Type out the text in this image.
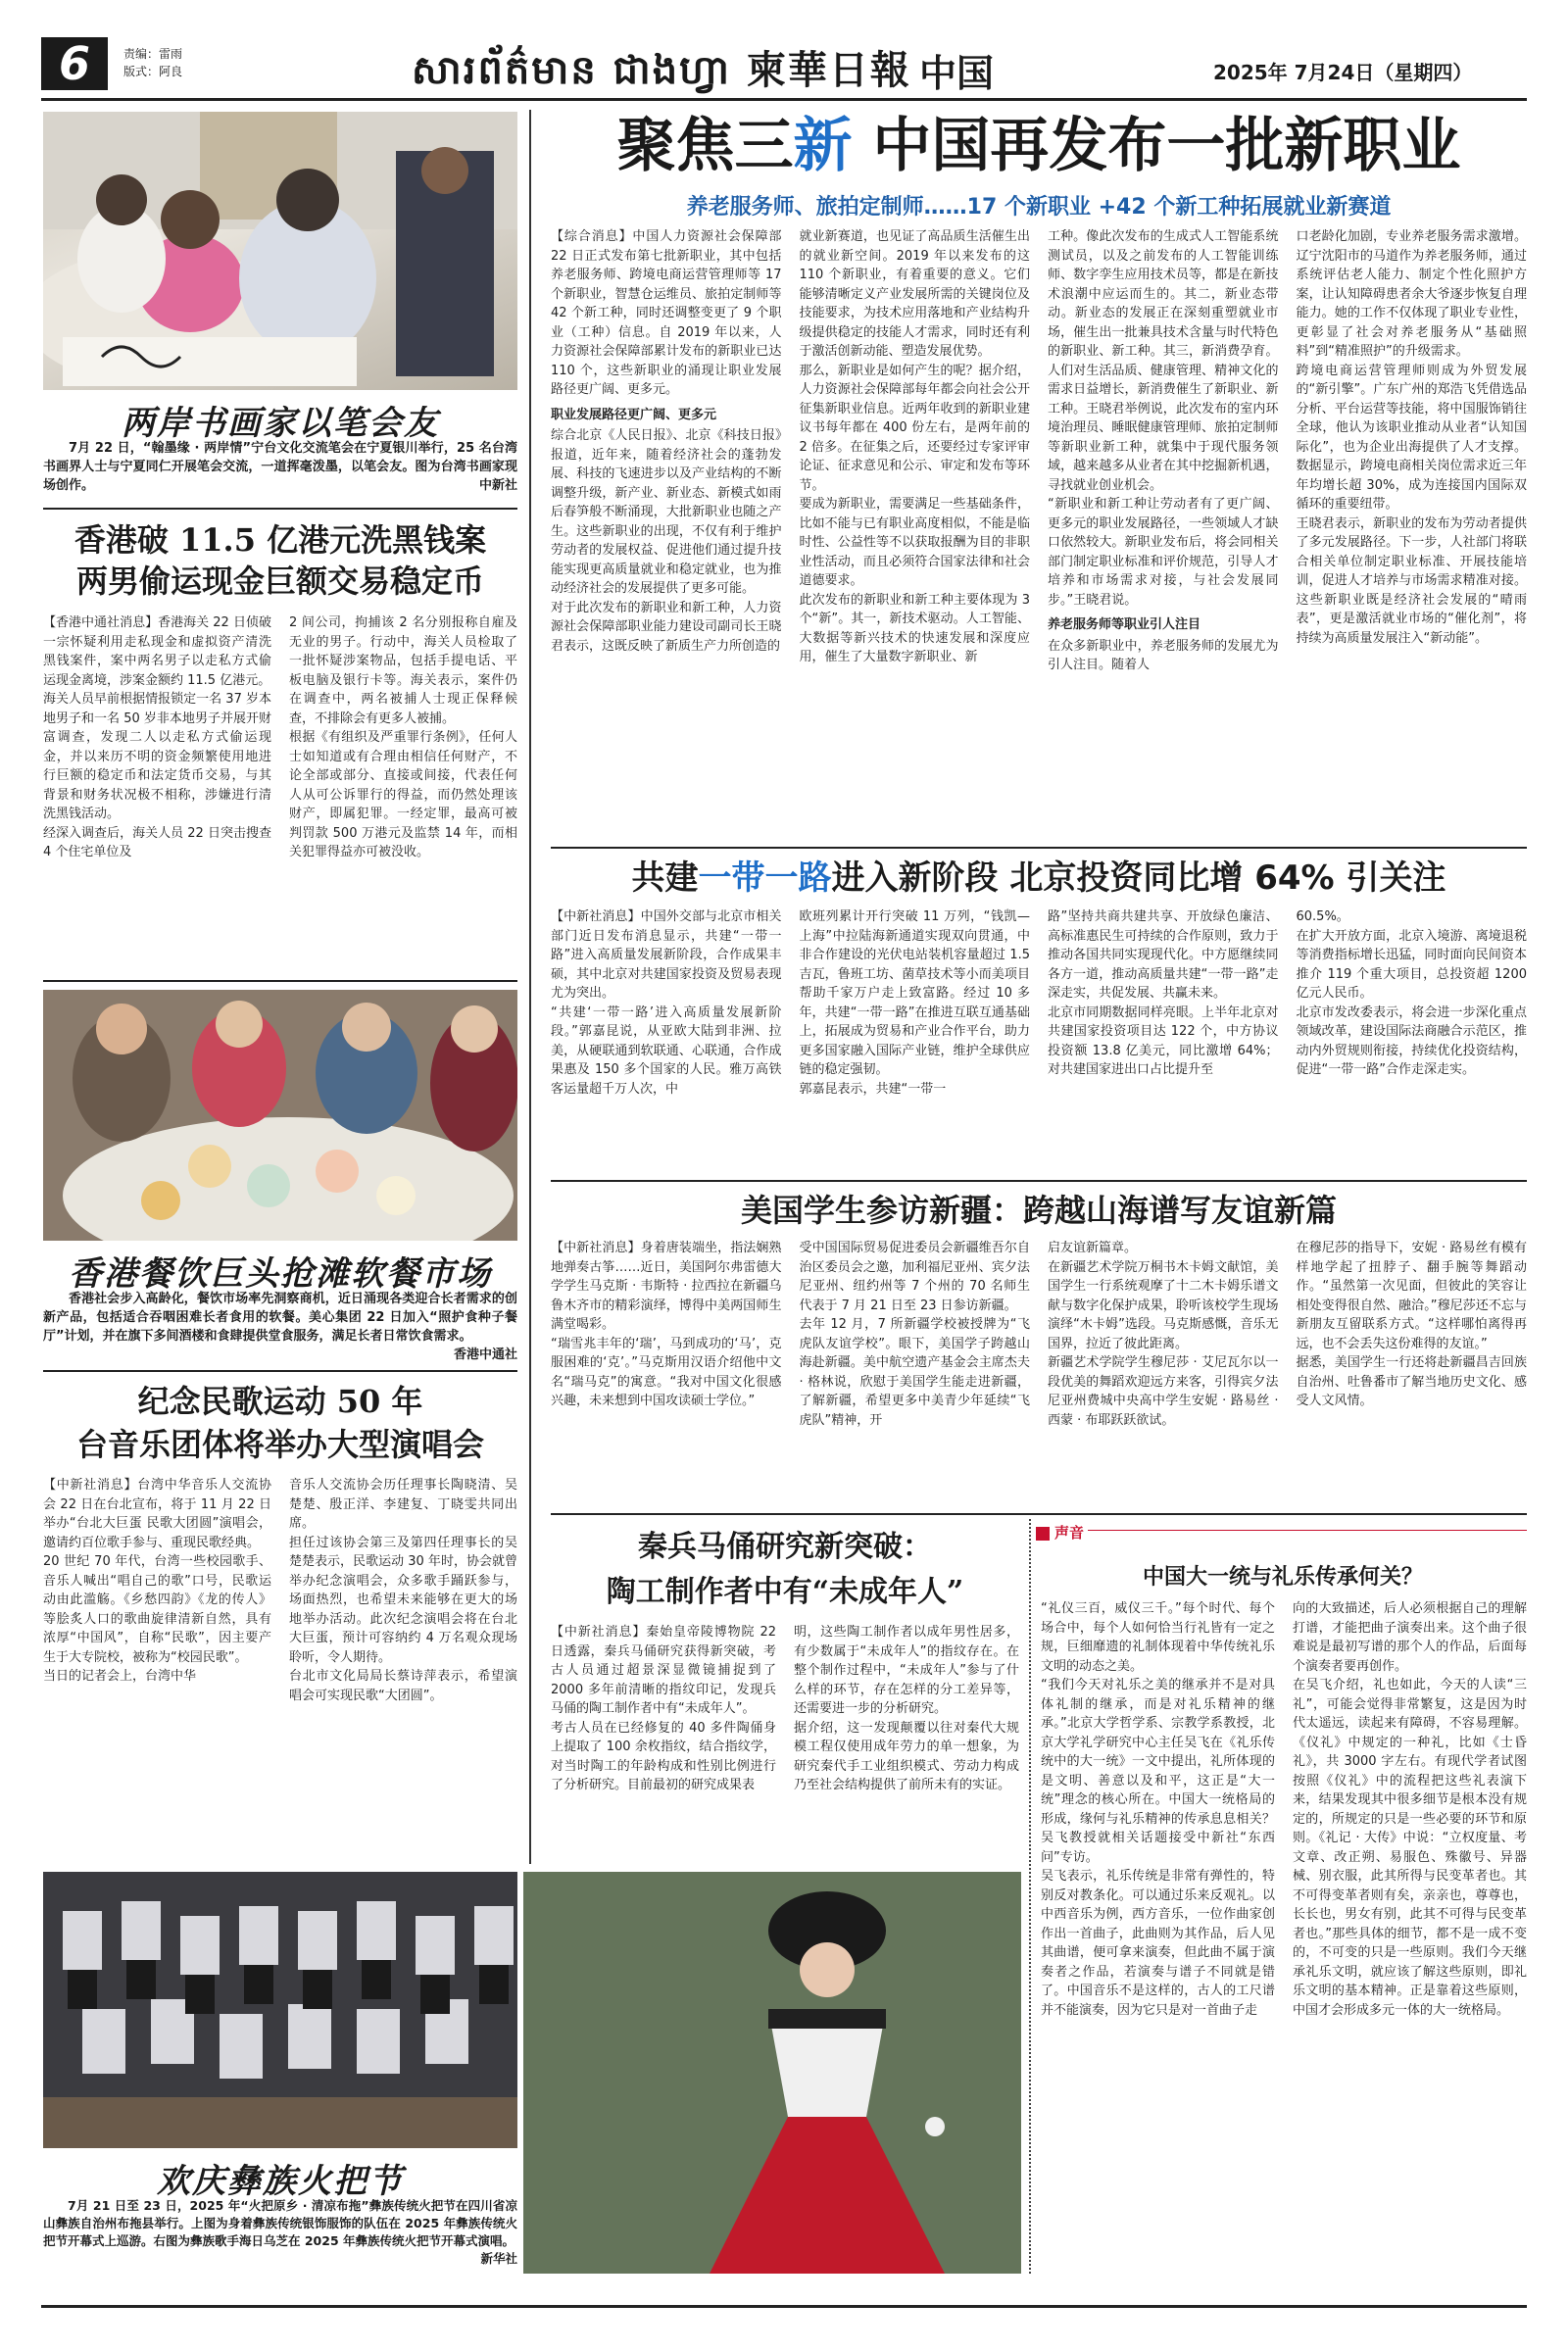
6	责编：雷雨
版式：阿良	សារព័ត៌មាន ជាងហ្វា 柬華日報 中国	2025年 7月24日（星期四）
两岸书画家以笔会友
7月 22 日，“翰墨缘 · 两岸情”宁台文化交流笔会在宁夏银川举行，25 名台湾书画界人士与宁夏同仁开展笔会交流，一道挥毫泼墨，以笔会友。图为台湾书画家现场创作。	中新社
香港破 11.5 亿港元洗黑钱案
两男偷运现金巨额交易稳定币
【香港中通社消息】香港海关 22 日侦破一宗怀疑利用走私现金和虚拟资产清洗黑钱案件，案中两名男子以走私方式偷运现金离境，涉案金额约 11.5 亿港元。
海关人员早前根据情报锁定一名 37 岁本地男子和一名 50 岁非本地男子并展开财富调查，发现二人以走私方式偷运现金，并以来历不明的资金频繁使用地进行巨额的稳定币和法定货币交易，与其背景和财务状况极不相称，涉嫌进行清洗黑钱活动。
经深入调查后，海关人员 22 日突击搜查 4 个住宅单位及
2 间公司，拘捕该 2 名分别报称自雇及无业的男子。行动中，海关人员检取了一批怀疑涉案物品，包括手提电话、平板电脑及银行卡等。海关表示，案件仍在调查中，两名被捕人士现正保释候查，不排除会有更多人被捕。
根据《有组织及严重罪行条例》，任何人士如知道或有合理由相信任何财产，不论全部或部分、直接或间接，代表任何人从可公诉罪行的得益，而仍然处理该财产，即属犯罪。一经定罪，最高可被判罚款 500 万港元及监禁 14 年，而相关犯罪得益亦可被没收。
香港餐饮巨头抢滩软餐市场
香港社会步入高龄化，餐饮市场率先洞察商机，近日涌现各类迎合长者需求的创新产品，包括适合吞咽困难长者食用的软餐。美心集团 22 日加入“照护食种子餐厅”计划，并在旗下多间酒楼和食肆提供堂食服务，满足长者日常饮食需求。
香港中通社
纪念民歌运动 50 年
台音乐团体将举办大型演唱会
【中新社消息】台湾中华音乐人交流协会 22 日在台北宣布，将于 11 月 22 日举办“台北大巨蛋 民歌大团圆”演唱会，邀请约百位歌手参与、重现民歌经典。
20 世纪 70 年代，台湾一些校园歌手、音乐人喊出“唱自己的歌”口号，民歌运动由此滥觞。《乡愁四韵》《龙的传人》等脍炙人口的歌曲旋律清新自然，具有浓厚“中国风”，自称“民歌”，因主要产生于大专院校，被称为“校园民歌”。
当日的记者会上，台湾中华
音乐人交流协会历任理事长陶晓清、吴楚楚、殷正洋、李建复、丁晓雯共同出席。
担任过该协会第三及第四任理事长的吴楚楚表示，民歌运动 30 年时，协会就曾举办纪念演唱会，众多歌手踊跃参与，场面热烈，也希望未来能够在更大的场地举办活动。此次纪念演唱会将在台北大巨蛋，预计可容纳约 4 万名观众现场聆听，令人期待。
台北市文化局局长蔡诗萍表示，希望演唱会可实现民歌“大团圆”。
聚焦三新 中国再发布一批新职业
养老服务师、旅拍定制师……17 个新职业 +42 个新工种拓展就业新赛道
【综合消息】中国人力资源社会保障部 22 日正式发布第七批新职业，其中包括养老服务师、跨境电商运营管理师等 17 个新职业，智慧仓运维员、旅拍定制师等 42 个新工种，同时还调整变更了 9 个职业（工种）信息。自 2019 年以来，人力资源社会保障部累计发布的新职业已达 110 个，这些新职业的涌现让职业发展路径更广阔、更多元。
职业发展路径更广阔、更多元
综合北京《人民日报》、北京《科技日报》报道，近年来，随着经济社会的蓬勃发展、科技的飞速进步以及产业结构的不断调整升级，新产业、新业态、新模式如雨后春笋般不断涌现，大批新职业也随之产生。这些新职业的出现，不仅有利于维护劳动者的发展权益、促进他们通过提升技能实现更高质量就业和稳定就业，也为推动经济社会的发展提供了更多可能。
对于此次发布的新职业和新工种，人力资源社会保障部职业能力建设司副司长王晓君表示，这既反映了新质生产力所创造的
就业新赛道，也见证了高品质生活催生出的就业新空间。2019 年以来发布的这 110 个新职业，有着重要的意义。它们能够清晰定义产业发展所需的关键岗位及技能要求，为技术应用落地和产业结构升级提供稳定的技能人才需求，同时还有利于激活创新动能、塑造发展优势。
那么，新职业是如何产生的呢？据介绍，人力资源社会保障部每年都会向社会公开征集新职业信息。近两年收到的新职业建议书每年都在 400 份左右，是两年前的 2 倍多。在征集之后，还要经过专家评审论证、征求意见和公示、审定和发布等环节。
要成为新职业，需要满足一些基础条件，比如不能与已有职业高度相似，不能是临时性、公益性等不以获取报酬为目的非职业性活动，而且必须符合国家法律和社会道德要求。
此次发布的新职业和新工种主要体现为 3 个“新”。其一，新技术驱动。人工智能、大数据等新兴技术的快速发展和深度应用，催生了大量数字新职业、新
工种。像此次发布的生成式人工智能系统测试员，以及之前发布的人工智能训练师、数字孪生应用技术员等，都是在新技术浪潮中应运而生的。其二，新业态带动。新业态的发展正在深刻重塑就业市场，催生出一批兼具技术含量与时代特色的新职业、新工种。其三，新消费孕育。人们对生活品质、健康管理、精神文化的需求日益增长，新消费催生了新职业、新工种。王晓君举例说，此次发布的室内环境治理员、睡眠健康管理师、旅拍定制师等新职业新工种，就集中于现代服务领域，越来越多从业者在其中挖掘新机遇，寻找就业创业机会。
“新职业和新工种让劳动者有了更广阔、更多元的职业发展路径，一些领域人才缺口依然较大。新职业发布后，将会同相关部门制定职业标准和评价规范，引导人才培养和市场需求对接，与社会发展同步。”王晓君说。
养老服务师等职业引人注目
在众多新职业中，养老服务师的发展尤为引人注目。随着人
口老龄化加剧，专业养老服务需求激增。辽宁沈阳市的马道作为养老服务师，通过系统评估老人能力、制定个性化照护方案，让认知障碍患者余大爷逐步恢复自理能力。她的工作不仅体现了职业专业性，更彰显了社会对养老服务从“基础照料”到“精准照护”的升级需求。
跨境电商运营管理师则成为外贸发展的“新引擎”。广东广州的郑浩飞凭借选品分析、平台运营等技能，将中国服饰销往全球，他认为该职业推动从业者“认知国际化”，也为企业出海提供了人才支撑。数据显示，跨境电商相关岗位需求近三年年均增长超 30%，成为连接国内国际双循环的重要纽带。
王晓君表示，新职业的发布为劳动者提供了多元发展路径。下一步，人社部门将联合相关单位制定职业标准、开展技能培训，促进人才培养与市场需求精准对接。这些新职业既是经济社会发展的“晴雨表”，更是激活就业市场的“催化剂”，将持续为高质量发展注入“新动能”。
共建一带一路进入新阶段 北京投资同比增 64% 引关注
【中新社消息】中国外交部与北京市相关部门近日发布消息显示，共建“一带一路”进入高质量发展新阶段，合作成果丰硕，其中北京对共建国家投资及贸易表现尤为突出。
“共建‘一带一路’进入高质量发展新阶段。”郭嘉昆说，从亚欧大陆到非洲、拉美，从硬联通到软联通、心联通，合作成果惠及 150 多个国家的人民。雅万高铁客运量超千万人次，中
欧班列累计开行突破 11 万列，“钱凯—上海”中拉陆海新通道实现双向贯通，中非合作建设的光伏电站装机容量超过 1.5 吉瓦，鲁班工坊、菌草技术等小而美项目帮助千家万户走上致富路。经过 10 多年，共建“一带一路”在推进互联互通基础上，拓展成为贸易和产业合作平台，助力更多国家融入国际产业链，维护全球供应链的稳定强韧。
郭嘉昆表示，共建“一带一
路”坚持共商共建共享、开放绿色廉洁、高标准惠民生可持续的合作原则，致力于推动各国共同实现现代化。中方愿继续同各方一道，推动高质量共建“一带一路”走深走实，共促发展、共赢未来。
北京市同期数据同样亮眼。上半年北京对共建国家投资项目达 122 个，中方协议投资额 13.8 亿美元，同比激增 64%；对共建国家进出口占比提升至
60.5%。
在扩大开放方面，北京入境游、离境退税等消费指标增长迅猛，同时面向民间资本推介 119 个重大项目，总投资超 1200 亿元人民币。
北京市发改委表示，将会进一步深化重点领域改革，建设国际法商融合示范区，推动内外贸规则衔接，持续优化投资结构，促进“一带一路”合作走深走实。
美国学生参访新疆：跨越山海谱写友谊新篇
【中新社消息】身着唐装端坐，指法娴熟地弹奏古筝……近日，美国阿尔弗雷德大学学生马克斯 · 韦斯特 · 拉西拉在新疆乌鲁木齐市的精彩演绎，博得中美两国师生满堂喝彩。
“瑞雪兆丰年的‘瑞’，马到成功的‘马’，克服困难的‘克’。”马克斯用汉语介绍他中文名“瑞马克”的寓意。“我对中国文化很感兴趣，未来想到中国攻读硕士学位。”
受中国国际贸易促进委员会新疆维吾尔自治区委员会之邀，加利福尼亚州、宾夕法尼亚州、纽约州等 7 个州的 70 名师生代表于 7 月 21 日至 23 日参访新疆。
去年 12 月，7 所新疆学校被授牌为“飞虎队友谊学校”。眼下，美国学子跨越山海赴新疆。美中航空遗产基金会主席杰夫 · 格林说，欣慰于美国学生能走进新疆，了解新疆，希望更多中美青少年延续“飞虎队”精神，开
启友谊新篇章。
在新疆艺术学院万桐书木卡姆文献馆，美国学生一行系统观摩了十二木卡姆乐谱文献与数字化保护成果，聆听该校学生现场演绎“木卡姆”选段。马克斯感慨，音乐无国界，拉近了彼此距离。
新疆艺术学院学生穆尼莎 · 艾尼瓦尔以一段优美的舞蹈欢迎远方来客，引得宾夕法尼亚州费城中央高中学生安妮 · 路易丝 · 西蒙 · 布耶跃跃欲试。
在穆尼莎的指导下，安妮 · 路易丝有模有样地学起了扭脖子、翻手腕等舞蹈动作。“虽然第一次见面，但彼此的笑容让相处变得很自然、融洽。”穆尼莎还不忘与新朋友互留联系方式。“这样哪怕离得再远，也不会丢失这份难得的友谊。”
据悉，美国学生一行还将赴新疆昌吉回族自治州、吐鲁番市了解当地历史文化、感受人文风情。
秦兵马俑研究新突破：
陶工制作者中有“未成年人”
【中新社消息】秦始皇帝陵博物院 22 日透露，秦兵马俑研究获得新突破，考古人员通过超景深显微镜捕捉到了 2000 多年前清晰的指纹印记，发现兵马俑的陶工制作者中有“未成年人”。
考古人员在已经修复的 40 多件陶俑身上提取了 100 余枚指纹，结合指纹学，对当时陶工的年龄构成和性别比例进行了分析研究。目前最初的研究成果表
明，这些陶工制作者以成年男性居多，有少数属于“未成年人”的指纹存在。在整个制作过程中，“未成年人”参与了什么样的环节，存在怎样的分工差异等，还需要进一步的分析研究。
据介绍，这一发现颠覆以往对秦代大规模工程仅使用成年劳力的单一想象，为研究秦代手工业组织模式、劳动力构成乃至社会结构提供了前所未有的实证。
声音
中国大一统与礼乐传承何关？
“礼仪三百，威仪三千。”每个时代、每个场合中，每个人如何恰当行礼皆有一定之规，巨细靡遗的礼制体现着中华传统礼乐文明的动态之美。
“我们今天对礼乐之美的继承并不是对具体礼制的继承，而是对礼乐精神的继承。”北京大学哲学系、宗教学系教授，北京大学礼学研究中心主任吴飞在《礼乐传统中的大一统》一文中提出，礼所体现的是文明、善意以及和平，这正是“大一统”理念的核心所在。中国大一统格局的形成，缘何与礼乐精神的传承息息相关？吴飞教授就相关话题接受中新社“东西问”专访。
吴飞表示，礼乐传统是非常有弹性的，特别反对教条化。可以通过乐来反观礼。以中西音乐为例，西方音乐，一位作曲家创作出一首曲子，此曲则为其作品，后人见其曲谱，便可拿来演奏，但此曲不属于演奏者之作品，若演奏与谱子不同就是错了。中国音乐不是这样的，古人的工尺谱并不能演奏，因为它只是对一首曲子走
向的大致描述，后人必须根据自己的理解打谱，才能把曲子演奏出来。这个曲子很难说是最初写谱的那个人的作品，后面每个演奏者要再创作。
在吴飞介绍，礼也如此，今天的人读“三礼”，可能会觉得非常繁复，这是因为时代太遥远，读起来有障碍，不容易理解。《仪礼》中规定的一种礼，比如《士昏礼》，共 3000 字左右。有现代学者试图按照《仪礼》中的流程把这些礼表演下来，结果发现其中很多细节是根本没有规定的，所规定的只是一些必要的环节和原则。《礼记 · 大传》中说：“立权度量、考文章、改正朔、易服色、殊徽号、异器械、别衣服，此其所得与民变革者也。其不可得变革者则有矣，亲亲也，尊尊也，长长也，男女有别，此其不可得与民变革者也。”那些具体的细节，都不是一成不变的，不可变的只是一些原则。我们今天继承礼乐文明，就应该了解这些原则，即礼乐文明的基本精神。正是靠着这些原则，中国才会形成多元一体的大一统格局。
欢庆彝族火把节
7月 21 日至 23 日，2025 年“火把原乡 · 清凉布拖”彝族传统火把节在四川省凉山彝族自治州布拖县举行。上图为身着彝族传统银饰服饰的队伍在 2025 年彝族传统火把节开幕式上巡游。右图为彝族歌手海日乌芝在 2025 年彝族传统火把节开幕式演唱。
新华社
